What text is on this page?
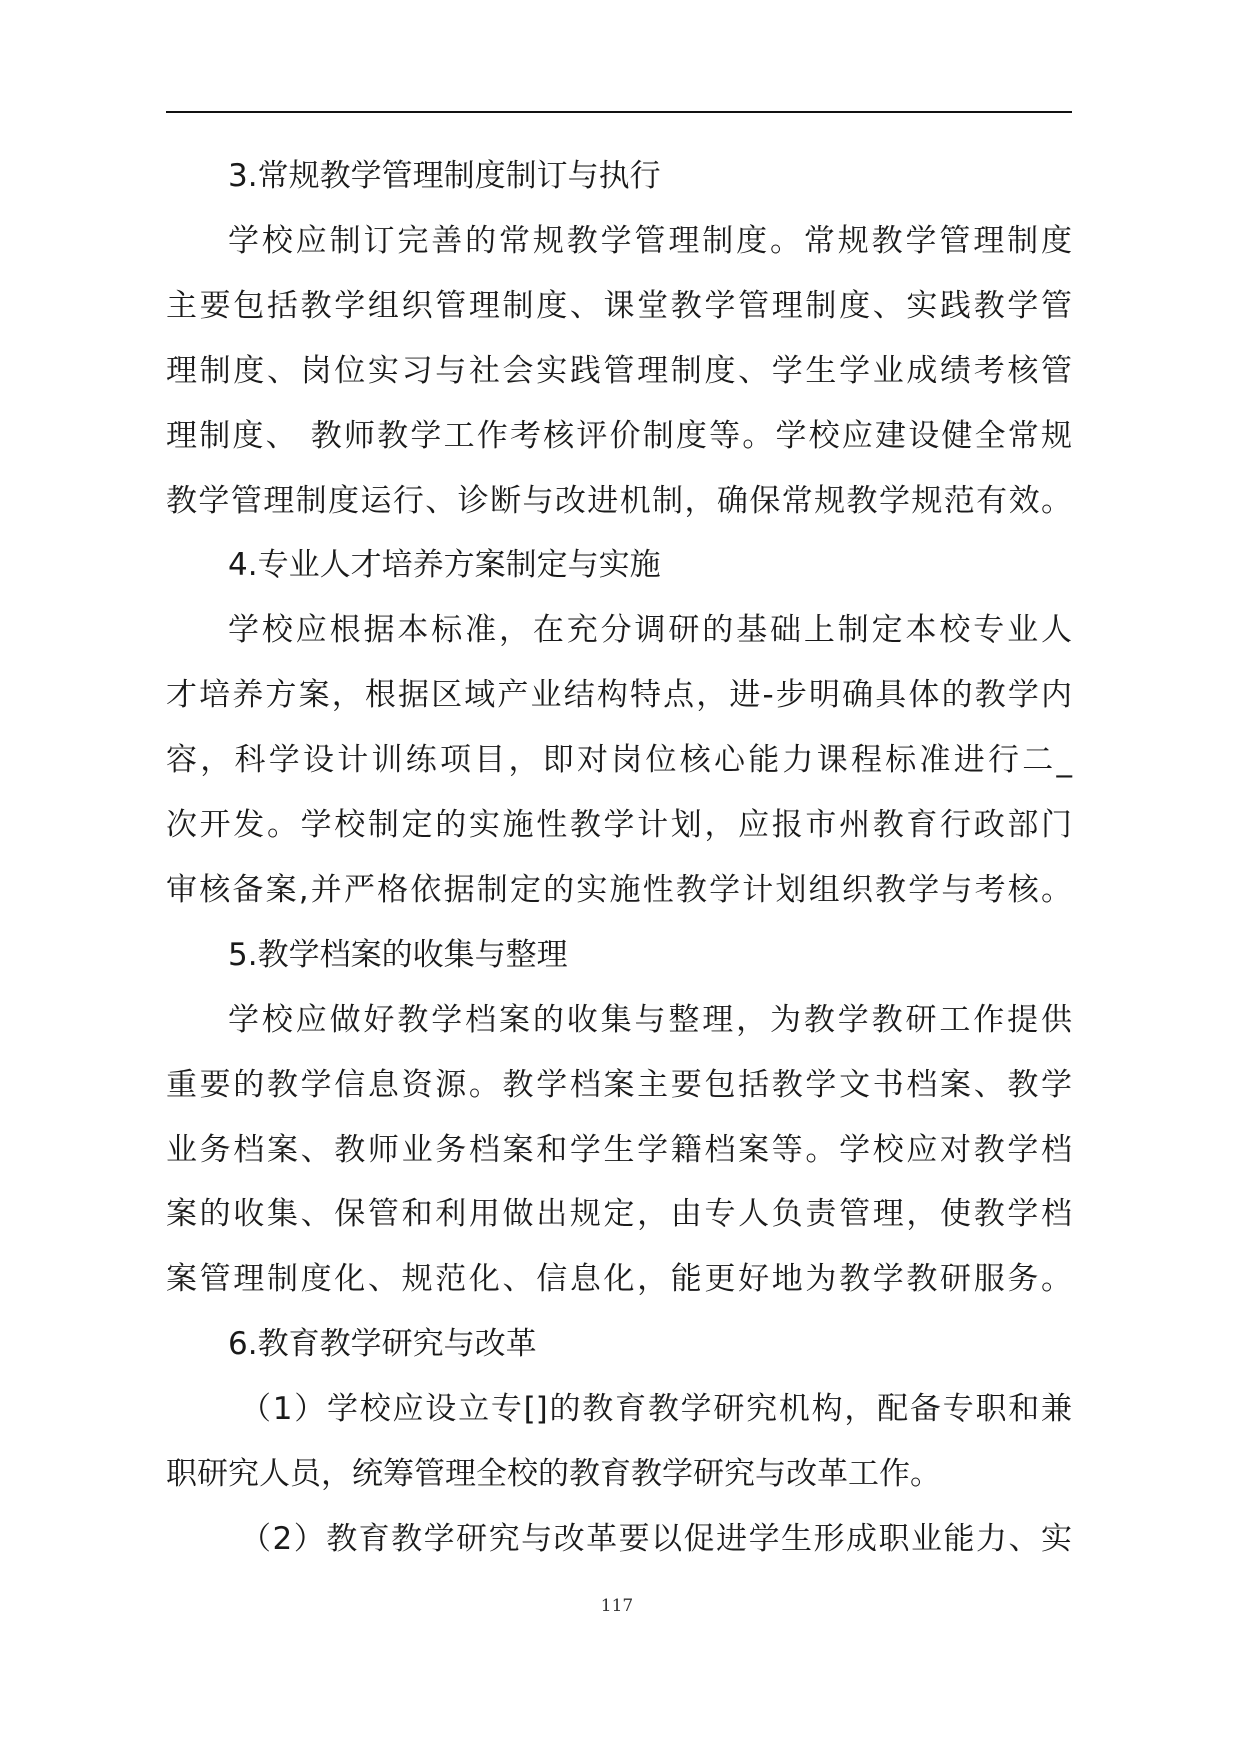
3.常规教学管理制度制订与执行
学校应制订完善的常规教学管理制度。常规教学管理制度
主要包括教学组织管理制度、课堂教学管理制度、实践教学管
理制度、岗位实习与社会实践管理制度、学生学业成绩考核管
理制度、 教师教学工作考核评价制度等。学校应建设健全常规
教学管理制度运行、诊断与改进机制，确保常规教学规范有效。
4.专业人才培养方案制定与实施
学校应根据本标准，在充分调研的基础上制定本校专业人
才培养方案，根据区域产业结构特点，进-步明确具体的教学内
容，科学设计训练项目，即对岗位核心能力课程标准进行二_
次开发。学校制定的实施性教学计划，应报市州教育行政部门
审核备案,并严格依据制定的实施性教学计划组织教学与考核。
5.教学档案的收集与整理
学校应做好教学档案的收集与整理，为教学教研工作提供
重要的教学信息资源。教学档案主要包括教学文书档案、教学
业务档案、教师业务档案和学生学籍档案等。学校应对教学档
案的收集、保管和利用做出规定，由专人负责管理，使教学档
案管理制度化、规范化、信息化，能更好地为教学教研服务。
6.教育教学研究与改革
（1）学校应设立专[]的教育教学研究机构，配备专职和兼
职研究人员，统筹管理全校的教育教学研究与改革工作。
（2）教育教学研究与改革要以促进学生形成职业能力、实
117
